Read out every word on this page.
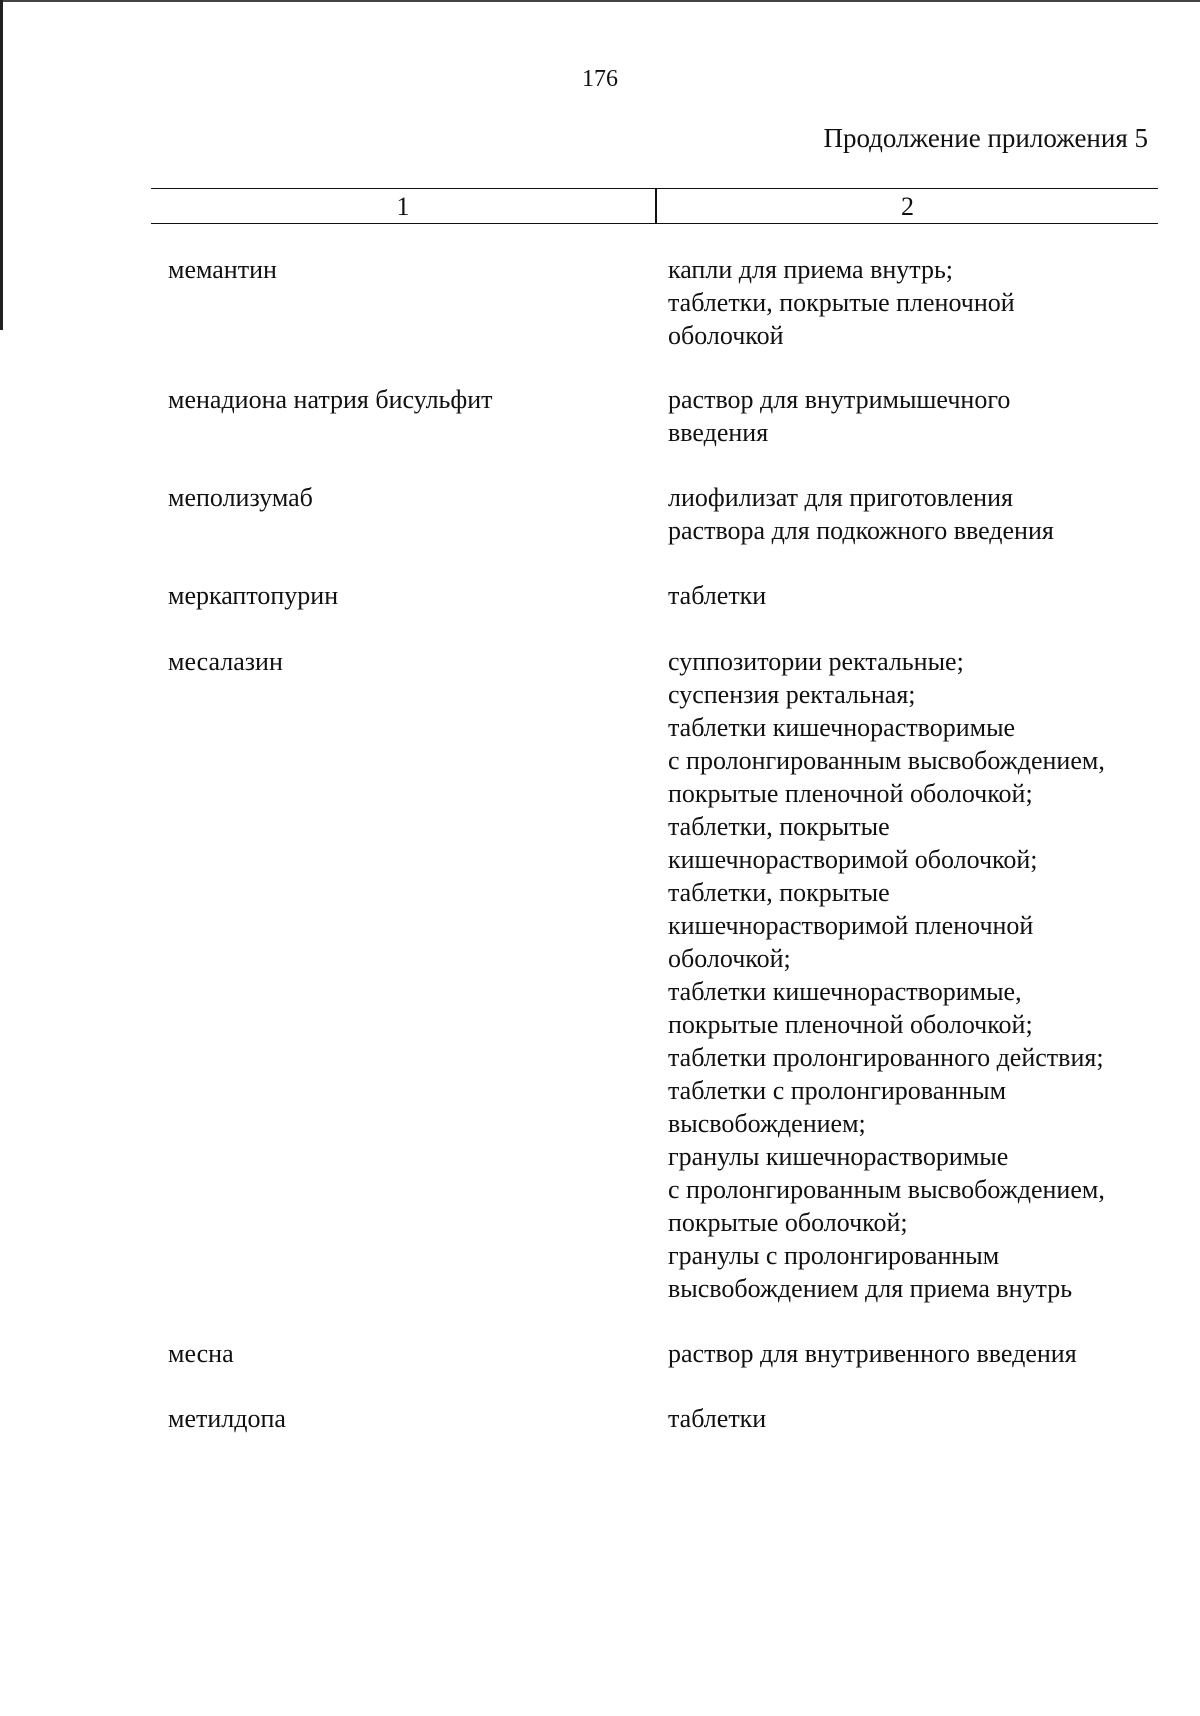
176
Продолжение приложения 5
1	2
мемантин	капли для приема внутрь;
таблетки, покрытые пленочной
оболочкой
менадиона натрия бисульфит	раствор для внутримышечного
введения
меполизумаб	лиофилизат для приготовления
раствора для подкожного введения
меркаптопурин	таблетки
месалазин	суппозитории ректальные;
суспензия ректальная;
таблетки кишечнорастворимые
с пролонгированным высвобождением,
покрытые пленочной оболочкой;
таблетки, покрытые
кишечнорастворимой оболочкой;
таблетки, покрытые
кишечнорастворимой пленочной
оболочкой;
таблетки кишечнорастворимые,
покрытые пленочной оболочкой;
таблетки пролонгированного действия;
таблетки с пролонгированным
высвобождением;
гранулы кишечнорастворимые
с пролонгированным высвобождением,
покрытые оболочкой;
гранулы с пролонгированным
высвобождением для приема внутрь
месна	раствор для внутривенного введения
метилдопа	таблетки
